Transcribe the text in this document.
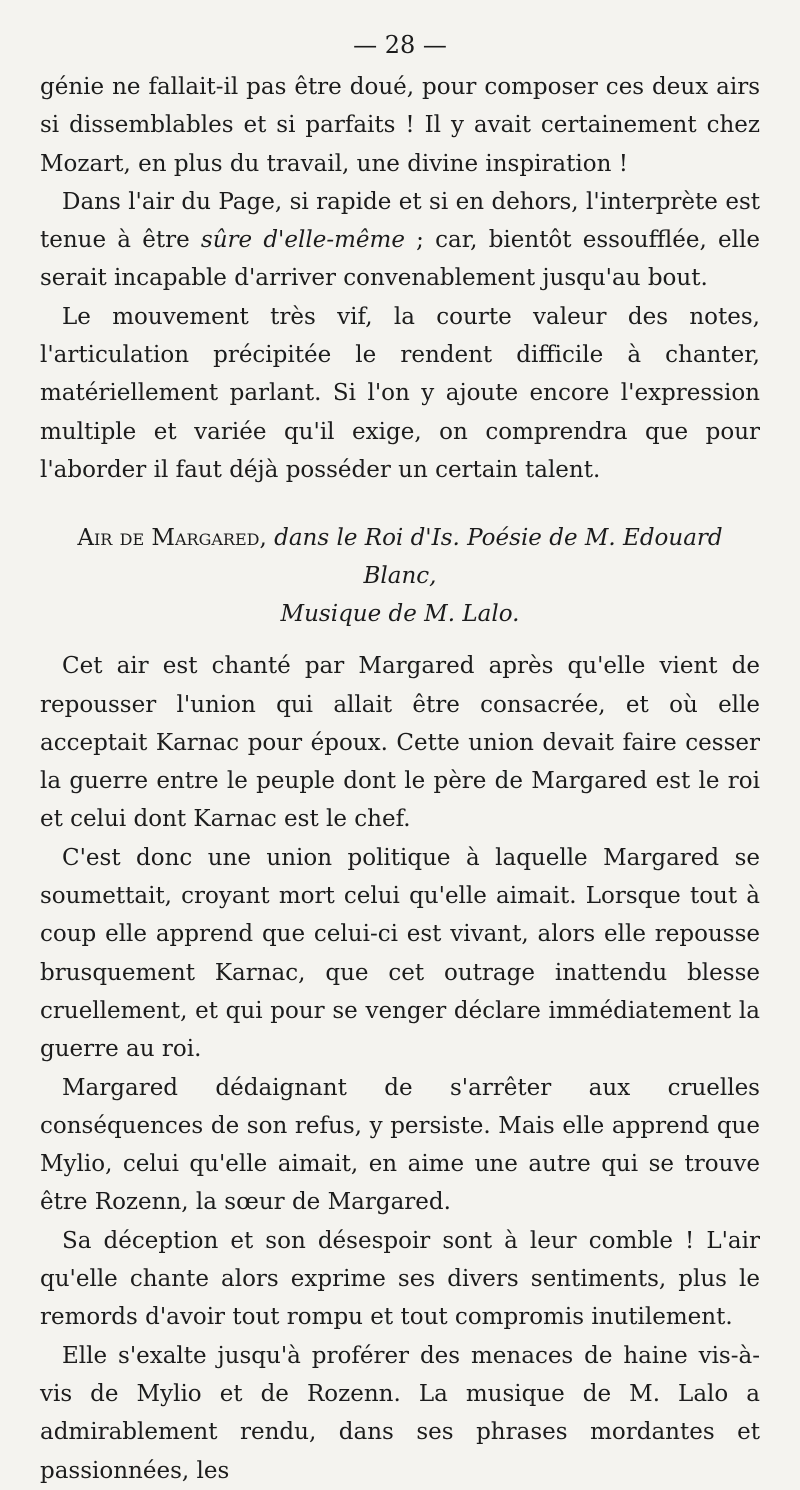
— 28 —

génie ne fallait-il pas être doué, pour composer ces deux airs si dissemblables et si parfaits ! Il y avait certainement chez Mozart, en plus du travail, une divine inspiration !

Dans l'air du Page, si rapide et si en dehors, l'interprète est tenue à être sûre d'elle-même ; car, bientôt essoufflée, elle serait incapable d'arriver convenablement jusqu'au bout.

Le mouvement très vif, la courte valeur des notes, l'articulation précipitée le rendent difficile à chanter, matériellement parlant. Si l'on y ajoute encore l'expression multiple et variée qu'il exige, on comprendra que pour l'aborder il faut déjà posséder un certain talent.

Air de Margared, dans le Roi d'Is. Poésie de M. Edouard Blanc,
Musique de M. Lalo.

Cet air est chanté par Margared après qu'elle vient de repousser l'union qui allait être consacrée, et où elle acceptait Karnac pour époux. Cette union devait faire cesser la guerre entre le peuple dont le père de Margared est le roi et celui dont Karnac est le chef.

C'est donc une union politique à laquelle Margared se soumettait, croyant mort celui qu'elle aimait. Lorsque tout à coup elle apprend que celui-ci est vivant, alors elle repousse brusquement Karnac, que cet outrage inattendu blesse cruellement, et qui pour se venger déclare immédiatement la guerre au roi.

Margared dédaignant de s'arrêter aux cruelles conséquences de son refus, y persiste. Mais elle apprend que Mylio, celui qu'elle aimait, en aime une autre qui se trouve être Rozenn, la sœur de Margared.

Sa déception et son désespoir sont à leur comble ! L'air qu'elle chante alors exprime ses divers sentiments, plus le remords d'avoir tout rompu et tout compromis inutilement.

Elle s'exalte jusqu'à proférer des menaces de haine vis-à-vis de Mylio et de Rozenn. La musique de M. Lalo a admirablement rendu, dans ses phrases mordantes et passionnées, les
